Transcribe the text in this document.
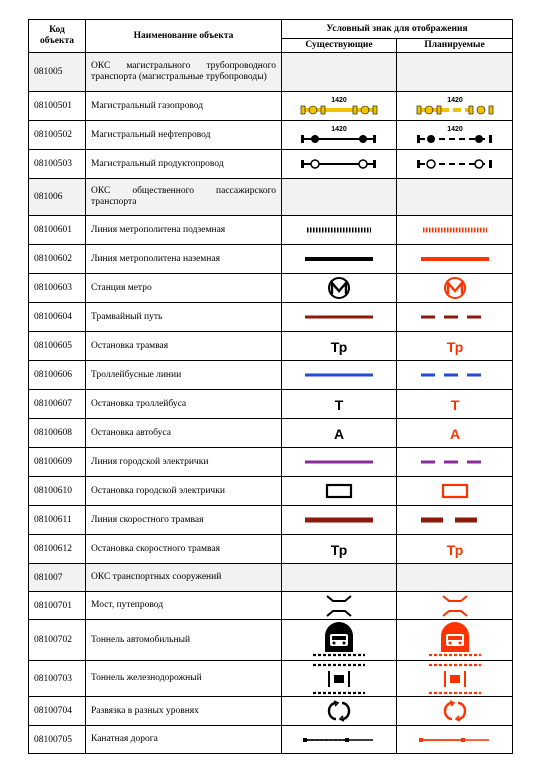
Код объекта	Наименование объекта	Условный знак для отображения	
		Существующие	Планируемые
081005	ОКС магистрального трубопроводного транспорта (магистральные трубопроводы)		
08100501	Магистральный газопровод	1420	1420

08100502	Магистральный нефтепровод	1420	1420

08100503	Магистральный продуктопровод	

081006	ОКС общественного пассажирского транспорта		
08100601	Линия метрополитена подземная	

08100602	Линия метрополитена наземная	

08100603	Станция метро	

08100604	Трамвайный путь	

08100605	Остановка трамвая	Тр	Тр

08100606	Троллейбусные линии	

08100607	Остановка троллейбуса	Т	Т

08100608	Остановка автобуса	А	А

08100609	Линия городской электрички	

08100610	Остановка городской электрички	

08100611	Линия скоростного трамвая	

08100612	Остановка скоростного трамвая	Тр	Тр

081007	ОКС транспортных сооружений		
08100701	Мост, путепровод	

08100702	Тоннель автомобильный	

08100703	Тоннель железнодорожный	

08100704	Развязка в разных уровнях	

08100705	Канатная дорога	
